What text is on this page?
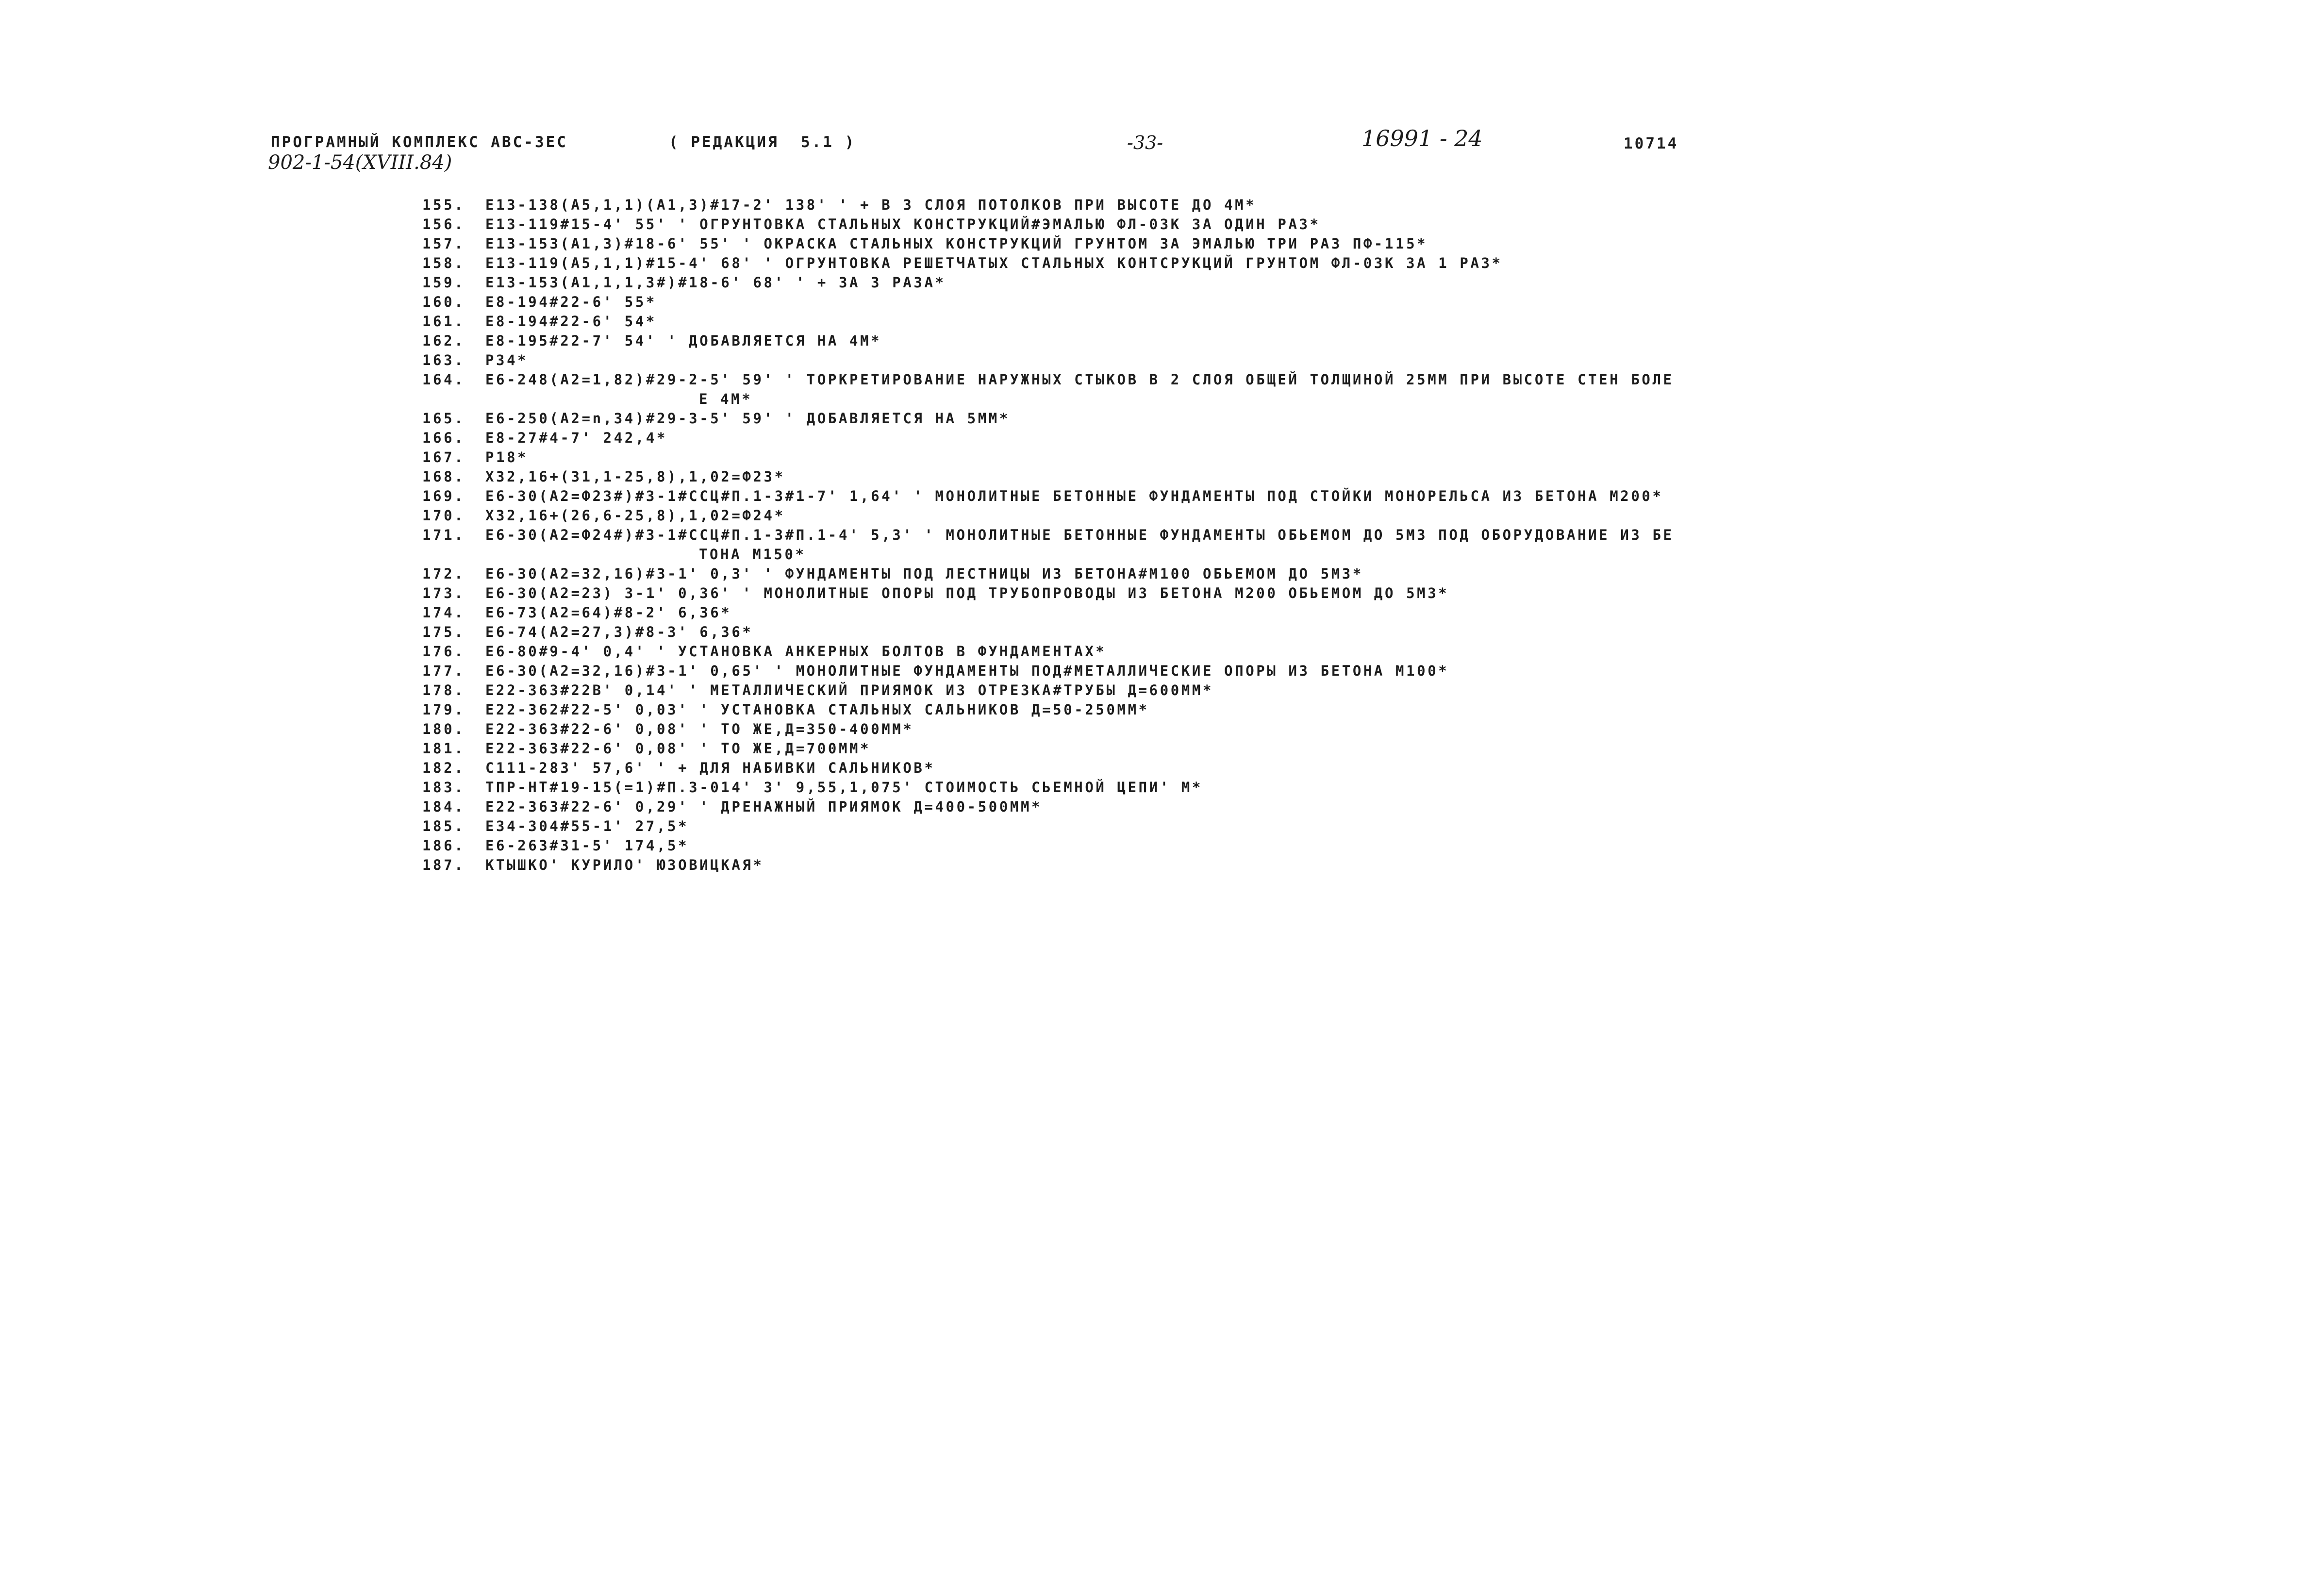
ПРОГРАМНЫЙ КОМПЛЕКС АВС-3ЕС	( РЕДАКЦИЯ  5.1 )	-33-	16991 - 24	10714
902-1-54(XVIII.84)
155.	Е13-138(А5,1,1)(А1,3)#17-2' 138' ' + В 3 СЛОЯ ПОТОЛКОВ ПРИ ВЫСОТЕ ДО 4М*
156.	Е13-119#15-4' 55' ' ОГРУНТОВКА СТАЛЬНЫХ КОНСТРУКЦИЙ#ЭМАЛЬЮ ФЛ-03К ЗА ОДИН РАЗ*
157.	Е13-153(А1,3)#18-6' 55' ' ОКРАСКА СТАЛЬНЫХ КОНСТРУКЦИЙ ГРУНТОМ ЗА ЭМАЛЬЮ ТРИ РАЗ ПФ-115*
158.	Е13-119(А5,1,1)#15-4' 68' ' ОГРУНТОВКА РЕШЕТЧАТЫХ СТАЛЬНЫХ КОНТСРУКЦИЙ ГРУНТОМ ФЛ-03К ЗА 1 РАЗ*
159.	Е13-153(А1,1,1,3#)#18-6' 68' ' + ЗА 3 РАЗА*
160.	Е8-194#22-6' 55*
161.	Е8-194#22-6' 54*
162.	Е8-195#22-7' 54' ' ДОБАВЛЯЕТСЯ НА 4М*
163.	Р34*
164.	Е6-248(А2=1,82)#29-2-5' 59' ' ТОРКРЕТИРОВАНИЕ НАРУЖНЫХ СТЫКОВ В 2 СЛОЯ ОБЩЕЙ ТОЛЩИНОЙ 25ММ ПРИ ВЫСОТЕ СТЕН БОЛЕ
Е 4М*
165.	Е6-250(А2=n,34)#29-3-5' 59' ' ДОБАВЛЯЕТСЯ НА 5ММ*
166.	Е8-27#4-7' 242,4*
167.	Р18*
168.	Х32,16+(31,1-25,8),1,02=Ф23*
169.	Е6-30(А2=Ф23#)#3-1#ССЦ#П.1-3#1-7' 1,64' ' МОНОЛИТНЫЕ БЕТОННЫЕ ФУНДАМЕНТЫ ПОД СТОЙКИ МОНОРЕЛЬСА ИЗ БЕТОНА М200*
170.	Х32,16+(26,6-25,8),1,02=Ф24*
171.	Е6-30(А2=Ф24#)#3-1#ССЦ#П.1-3#П.1-4' 5,3' ' МОНОЛИТНЫЕ БЕТОННЫЕ ФУНДАМЕНТЫ ОБЬЕМОМ ДО 5М3 ПОД ОБОРУДОВАНИЕ ИЗ БЕ
ТОНА М150*
172.	Е6-30(А2=32,16)#3-1' 0,3' ' ФУНДАМЕНТЫ ПОД ЛЕСТНИЦЫ ИЗ БЕТОНА#М100 ОБЬЕМОМ ДО 5М3*
173.	Е6-30(А2=23) 3-1' 0,36' ' МОНОЛИТНЫЕ ОПОРЫ ПОД ТРУБОПРОВОДЫ ИЗ БЕТОНА М200 ОБЬЕМОМ ДО 5М3*
174.	Е6-73(А2=64)#8-2' 6,36*
175.	Е6-74(А2=27,3)#8-3' 6,36*
176.	Е6-80#9-4' 0,4' ' УСТАНОВКА АНКЕРНЫХ БОЛТОВ В ФУНДАМЕНТАХ*
177.	Е6-30(А2=32,16)#3-1' 0,65' ' МОНОЛИТНЫЕ ФУНДАМЕНТЫ ПОД#МЕТАЛЛИЧЕСКИЕ ОПОРЫ ИЗ БЕТОНА М100*
178.	Е22-363#22В' 0,14' ' МЕТАЛЛИЧЕСКИЙ ПРИЯМОК ИЗ ОТРЕЗКА#ТРУБЫ Д=600ММ*
179.	Е22-362#22-5' 0,03' ' УСТАНОВКА СТАЛЬНЫХ САЛЬНИКОВ Д=50-250ММ*
180.	Е22-363#22-6' 0,08' ' ТО ЖЕ,Д=350-400ММ*
181.	Е22-363#22-6' 0,08' ' ТО ЖЕ,Д=700ММ*
182.	С111-283' 57,6' ' + ДЛЯ НАБИВКИ САЛЬНИКОВ*
183.	ТПР-НТ#19-15(=1)#П.3-014' 3' 9,55,1,075' СТОИМОСТЬ СЬЕМНОЙ ЦЕПИ' М*
184.	Е22-363#22-6' 0,29' ' ДРЕНАЖНЫЙ ПРИЯМОК Д=400-500ММ*
185.	Е34-304#55-1' 27,5*
186.	Е6-263#31-5' 174,5*
187.	КТЫШКО' КУРИЛО' ЮЗОВИЦКАЯ*
